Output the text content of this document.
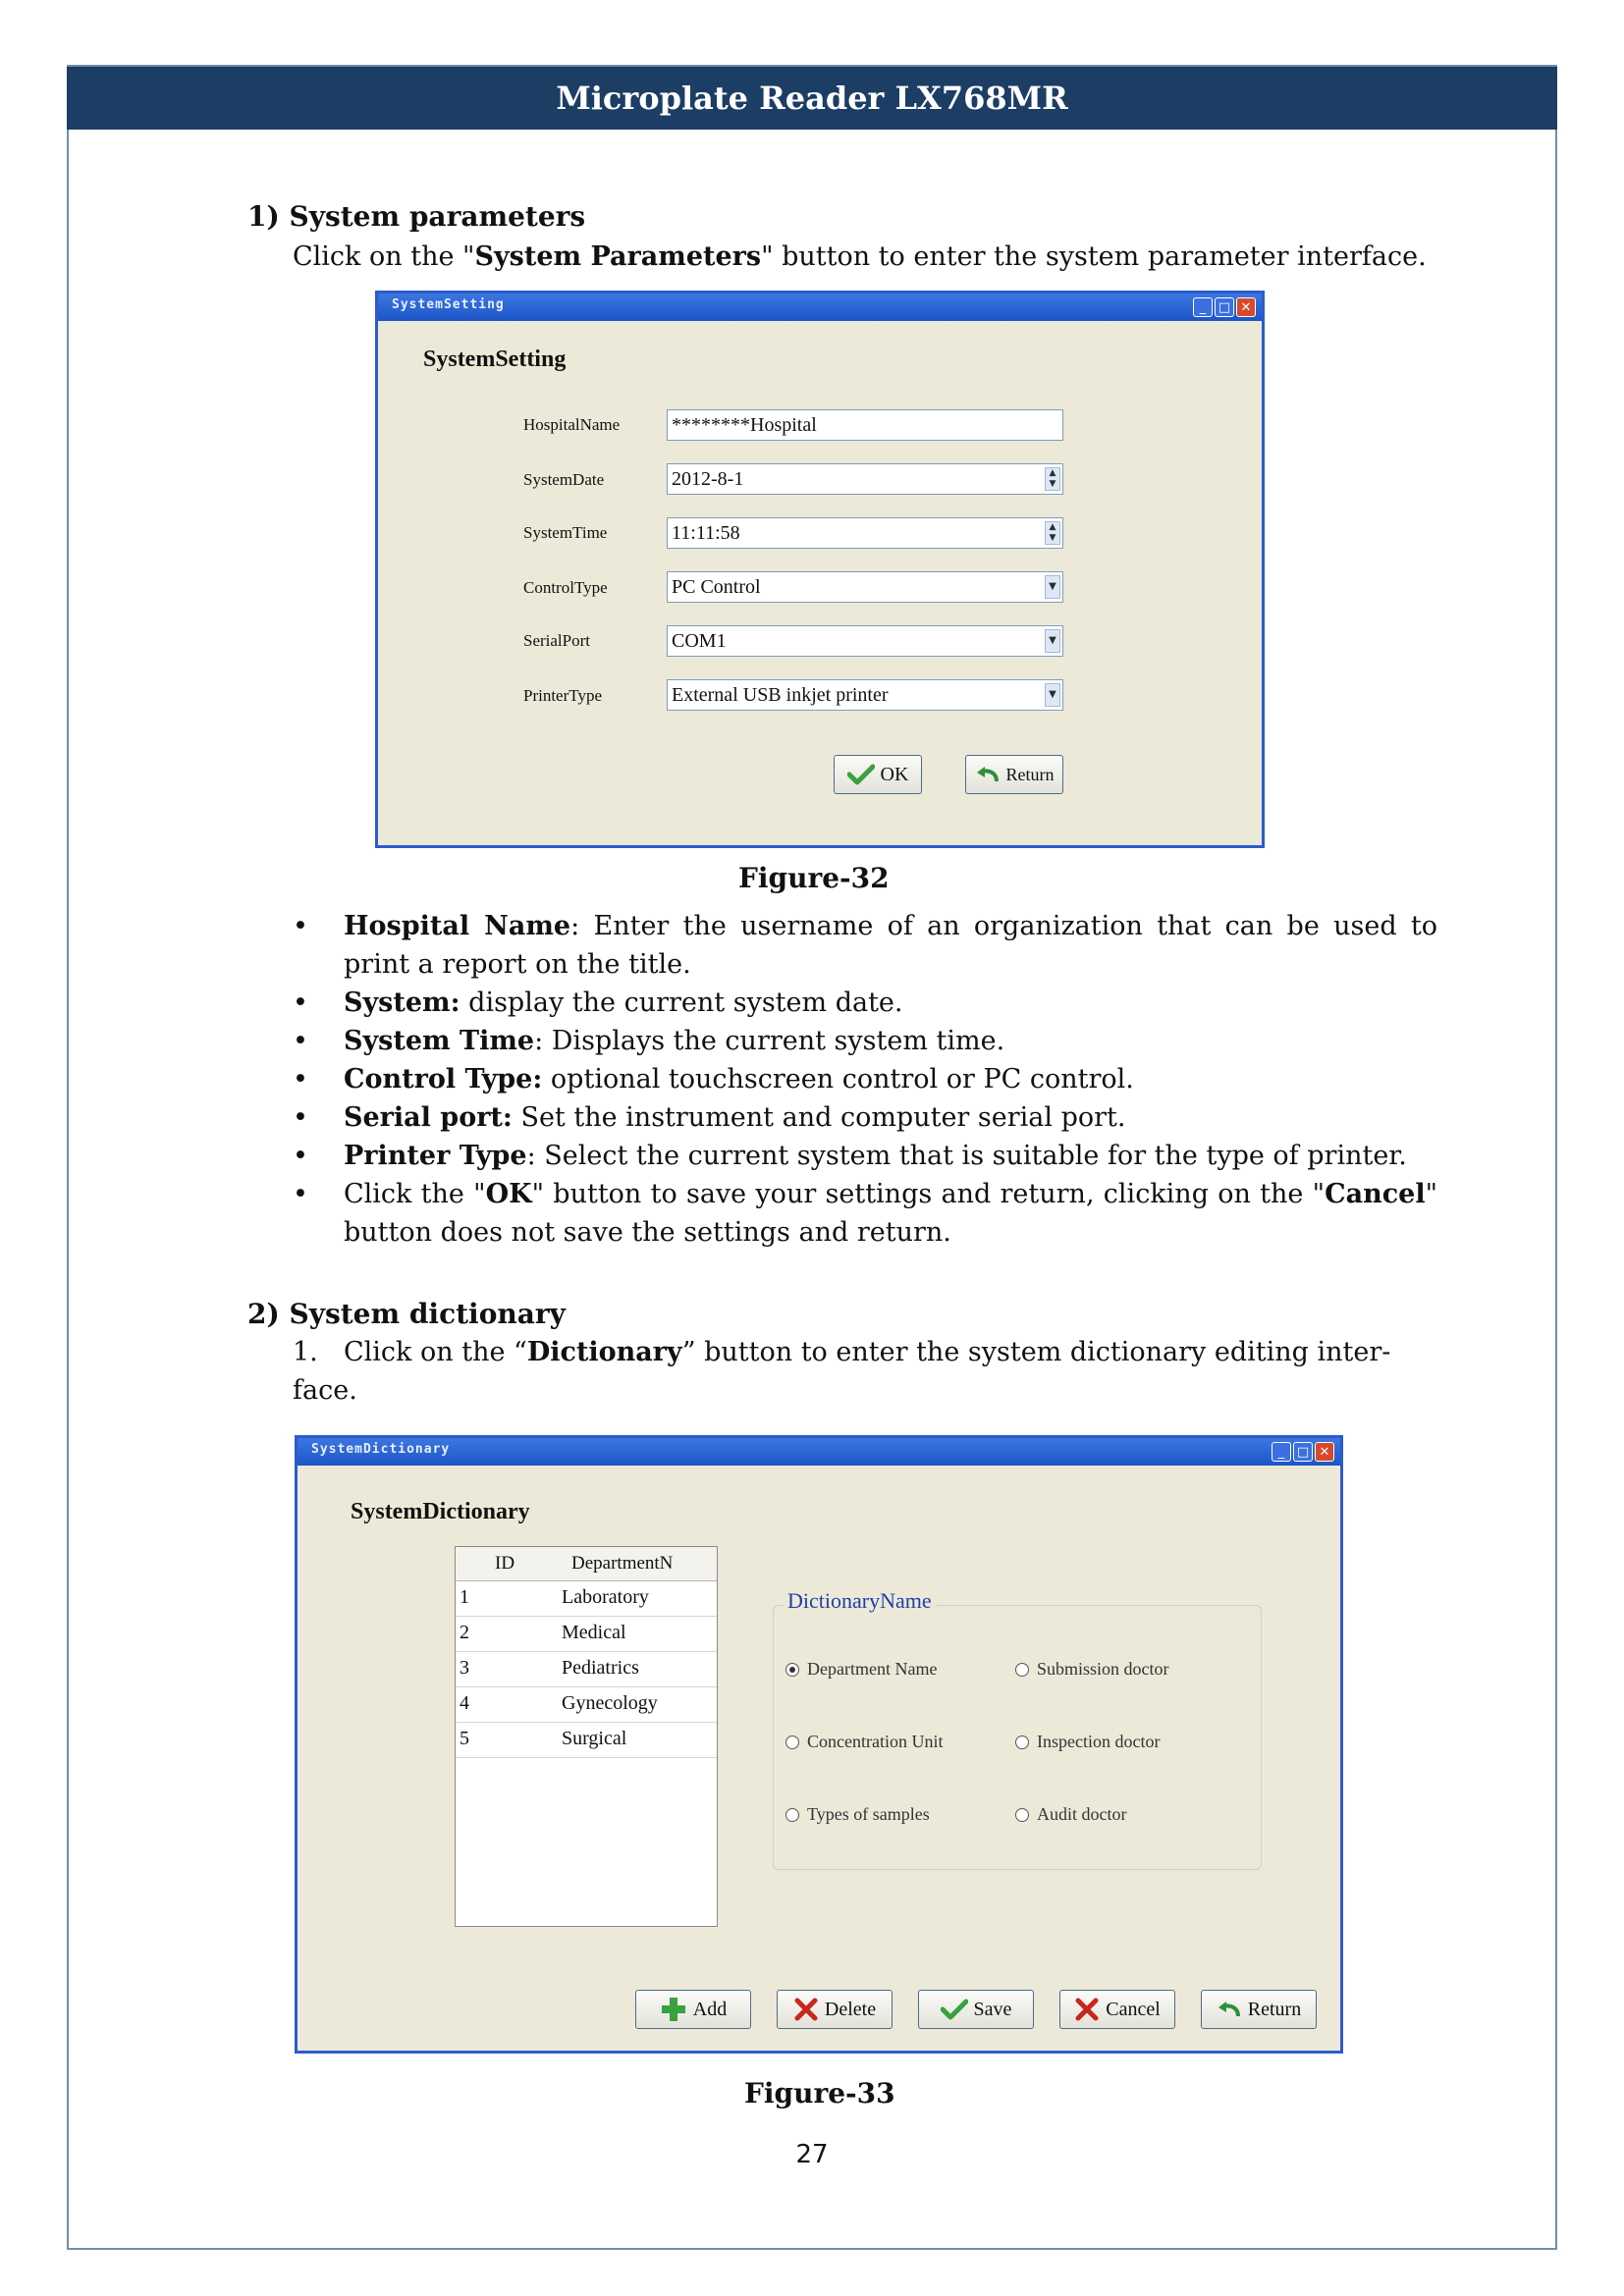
Microplate Reader LX768MR
1) System parameters
Click on the "System Parameters" button to enter the system parameter interface.
SystemSetting	_ □ ✕
SystemSetting
HospitalName	********Hospital
SystemDate	2012-8-1	▲
▼
SystemTime	11:11:58	▲
▼
ControlType	PC Control	▼
SerialPort	COM1	▼
PrinterType	External USB inkjet printer	▼
OK	Return
Figure-32
• Hospital Name: Enter the username of an organization that can be used to print a report on the title.
• System: display the current system date.
• System Time: Displays the current system time.
• Control Type: optional touchscreen control or PC control.
• Serial port: Set the instrument and computer serial port.
• Printer Type: Select the current system that is suitable for the type of printer.
• Click the "OK" button to save your settings and return, clicking on the "Cancel" button does not save the settings and return.
2) System dictionary
1. Click on the “Dictionary” button to enter the system dictionary editing inter-face.
SystemDictionary	_ □ ✕
SystemDictionary
ID	DepartmentN
1	Laboratory
2	Medical
3	Pediatrics
4	Gynecology
5	Surgical
DictionaryName
Department Name	Submission doctor
Concentration Unit	Inspection doctor
Types of samples	Audit doctor
Add	Delete	Save	Cancel	Return
Figure-33
27
